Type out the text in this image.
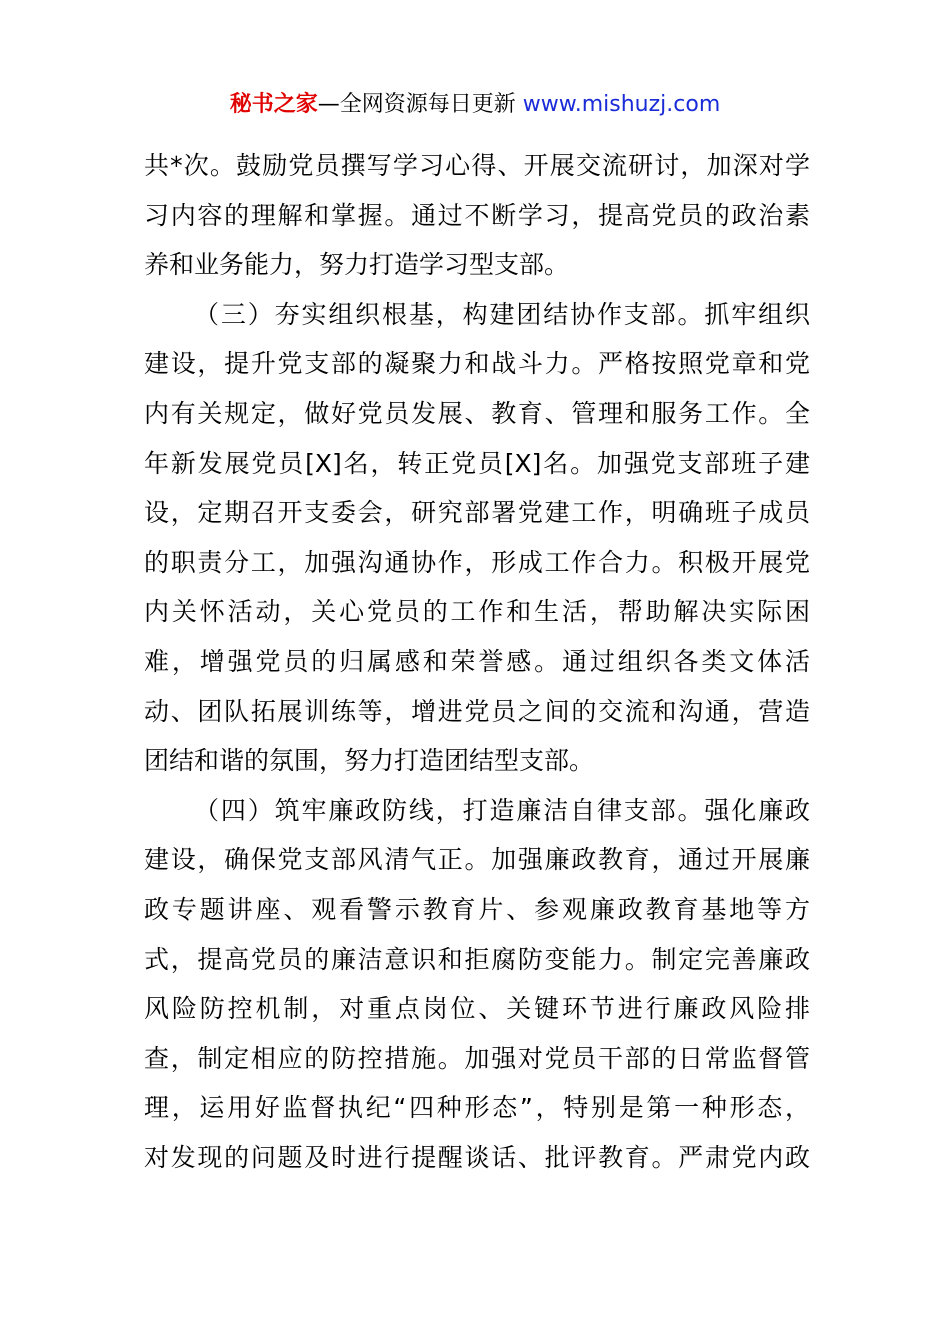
秘书之家—全网资源每日更新 www.mishuzj.com
共*次。鼓励党员撰写学习心得、开展交流研讨，加深对学
习内容的理解和掌握。通过不断学习，提高党员的政治素
养和业务能力，努力打造学习型支部。
（三）夯实组织根基，构建团结协作支部。抓牢组织
建设，提升党支部的凝聚力和战斗力。严格按照党章和党
内有关规定，做好党员发展、教育、管理和服务工作。全
年新发展党员[X]名，转正党员[X]名。加强党支部班子建
设，定期召开支委会，研究部署党建工作，明确班子成员
的职责分工，加强沟通协作，形成工作合力。积极开展党
内关怀活动，关心党员的工作和生活，帮助解决实际困
难，增强党员的归属感和荣誉感。通过组织各类文体活
动、团队拓展训练等，增进党员之间的交流和沟通，营造
团结和谐的氛围，努力打造团结型支部。
（四）筑牢廉政防线，打造廉洁自律支部。强化廉政
建设，确保党支部风清气正。加强廉政教育，通过开展廉
政专题讲座、观看警示教育片、参观廉政教育基地等方
式，提高党员的廉洁意识和拒腐防变能力。制定完善廉政
风险防控机制，对重点岗位、关键环节进行廉政风险排
查，制定相应的防控措施。加强对党员干部的日常监督管
理，运用好监督执纪“四种形态”，特别是第一种形态，
对发现的问题及时进行提醒谈话、批评教育。严肃党内政
